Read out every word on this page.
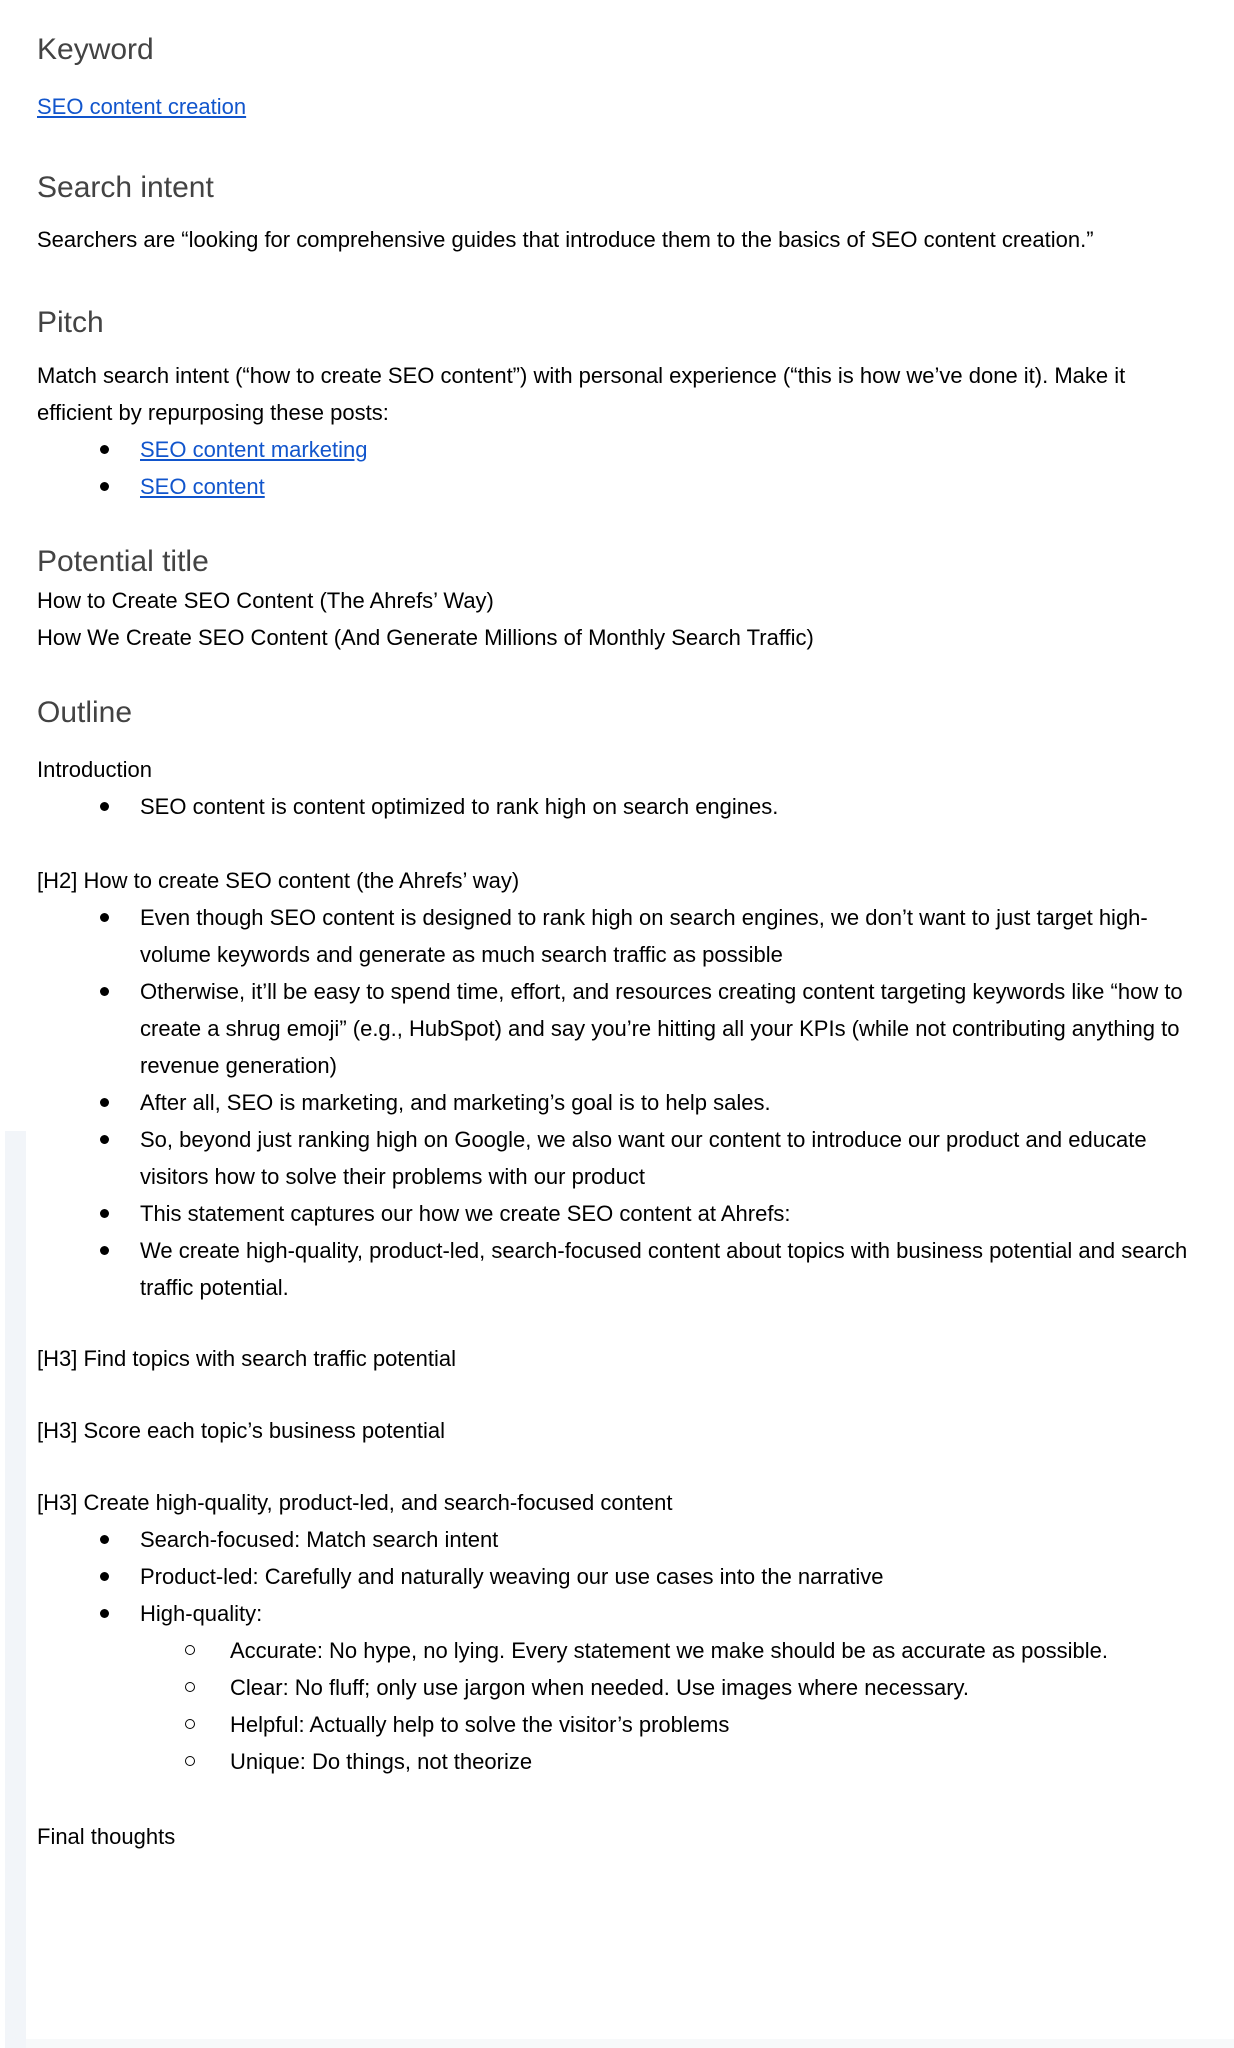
Keyword

SEO content creation

Search intent

Searchers are “looking for comprehensive guides that introduce them to the basics of SEO content creation.”

Pitch

Match search intent (“how to create SEO content”) with personal experience (“this is how we’ve done it). Make it efficient by repurposing these posts:

SEO content marketing
SEO content
Potential title

How to Create SEO Content (The Ahrefs’ Way)

How We Create SEO Content (And Generate Millions of Monthly Search Traffic)

Outline

Introduction

SEO content is content optimized to rank high on search engines.

[H2] How to create SEO content (the Ahrefs’ way)

Even though SEO content is designed to rank high on search engines, we don’t want to just target high-volume keywords and generate as much search traffic as possible
Otherwise, it’ll be easy to spend time, effort, and resources creating content targeting keywords like “how to create a shrug emoji” (e.g., HubSpot) and say you’re hitting all your KPIs (while not contributing anything to revenue generation)
After all, SEO is marketing, and marketing’s goal is to help sales.
So, beyond just ranking high on Google, we also want our content to introduce our product and educate visitors how to solve their problems with our product
This statement captures our how we create SEO content at Ahrefs:
We create high-quality, product-led, search-focused content about topics with business potential and search traffic potential.

[H3] Find topics with search traffic potential

[H3] Score each topic’s business potential

[H3] Create high-quality, product-led, and search-focused content

Search-focused: Match search intent
Product-led: Carefully and naturally weaving our use cases into the narrative
High-quality:
Accurate: No hype, no lying. Every statement we make should be as accurate as possible.
Clear: No fluff; only use jargon when needed. Use images where necessary.
Helpful: Actually help to solve the visitor’s problems
Unique: Do things, not theorize

Final thoughts
